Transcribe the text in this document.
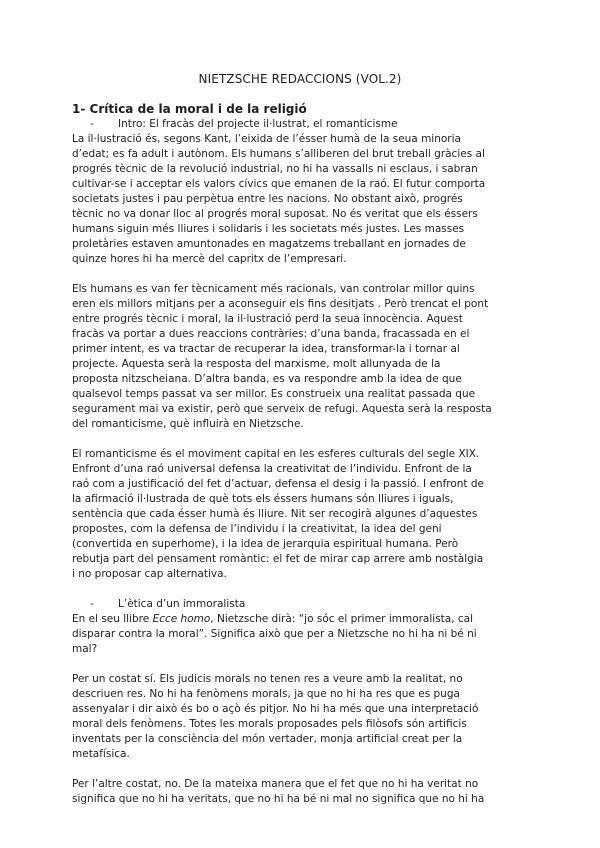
NIETZSCHE REDACCIONS (VOL.2)

1- Crítica de la moral i de la religió

- Intro: El fracàs del projecte il·lustrat, el romanticisme

La il·lustració és, segons Kant, l’eixida de l’ésser humà de la seua minoria
d’edat; es fa adult i autònom. Els humans s’alliberen del brut treball gràcies al
progrés tècnic de la revolució industrial, no hi ha vassalls ni esclaus, i sabran
cultivar-se i acceptar els valors cívics que emanen de la raó. El futur comporta
societats justes i pau perpètua entre les nacions. No obstant això, progrés
tècnic no va donar lloc al progrés moral suposat. No és veritat que els éssers
humans siguin més lliures i solidaris i les societats més justes. Les masses
proletàries estaven amuntonades en magatzems treballant en jornades de
quinze hores hi ha mercè del capritx de l’empresari.

Els humans es van fer tècnicament més racionals, van controlar millor quins
eren els millors mitjans per a aconseguir els fins desitjats . Però trencat el pont
entre progrés tècnic i moral, la il·lustració perd la seua innocència. Aquest
fracàs va portar a dues reaccions contràries: d’una banda, fracassada en el
primer intent, es va tractar de recuperar la idea, transformar-la i tornar al
projecte. Aquesta serà la resposta del marxisme, molt allunyada de la
proposta nitzscheiana. D’altra banda, es va respondre amb la idea de que
qualsevol temps passat va ser millor. Es construeix una realitat passada que
segurament mai va existir, però que serveix de refugi. Aquesta serà la resposta
del romanticisme, què influirà en Nietzsche.

El romanticisme és el moviment capital en les esferes culturals del segle XIX.
Enfront d’una raó universal defensa la creativitat de l’individu. Enfront de la
raó com a justificació del fet d’actuar, defensa el desig i la passió. I enfront de
la afirmació il·lustrada de què tots els éssers humans són lliures i iguals,
sentència que cada ésser humà és lliure. Nit ser recogirà algunes d’aquestes
propostes, com la defensa de l’individu i la creativitat, la idea del geni
(convertida en superhome), i la idea de jerarquia espiritual humana. Però
rebutja part del pensament romàntic: el fet de mirar cap arrere amb nostàlgia
i no proposar cap alternativa.

- L’ètica d’un immoralista

En el seu llibre Ecce homo, Nietzsche dirà: “jo sóc el primer immoralista, cal
disparar contra la moral”. Significa això que per a Nietzsche no hi ha ni bé ni
mal?

Per un costat sí. Els judicis morals no tenen res a veure amb la realitat, no
descriuen res. No hi ha fenòmens morals, ja que no hi ha res que es puga
assenyalar i dir això és bo o açò és pitjor. No hi ha més que una interpretació
moral dels fenòmens. Totes les morals proposades pels filòsofs són artificis
inventats per la consciència del món vertader, monja artificial creat per la
metafísica.

Per l’altre costat, no. De la mateixa manera que el fet que no hi ha veritat no
significa que no hi ha veritats, que no hi ha bé ni mal no significa que no hi ha
